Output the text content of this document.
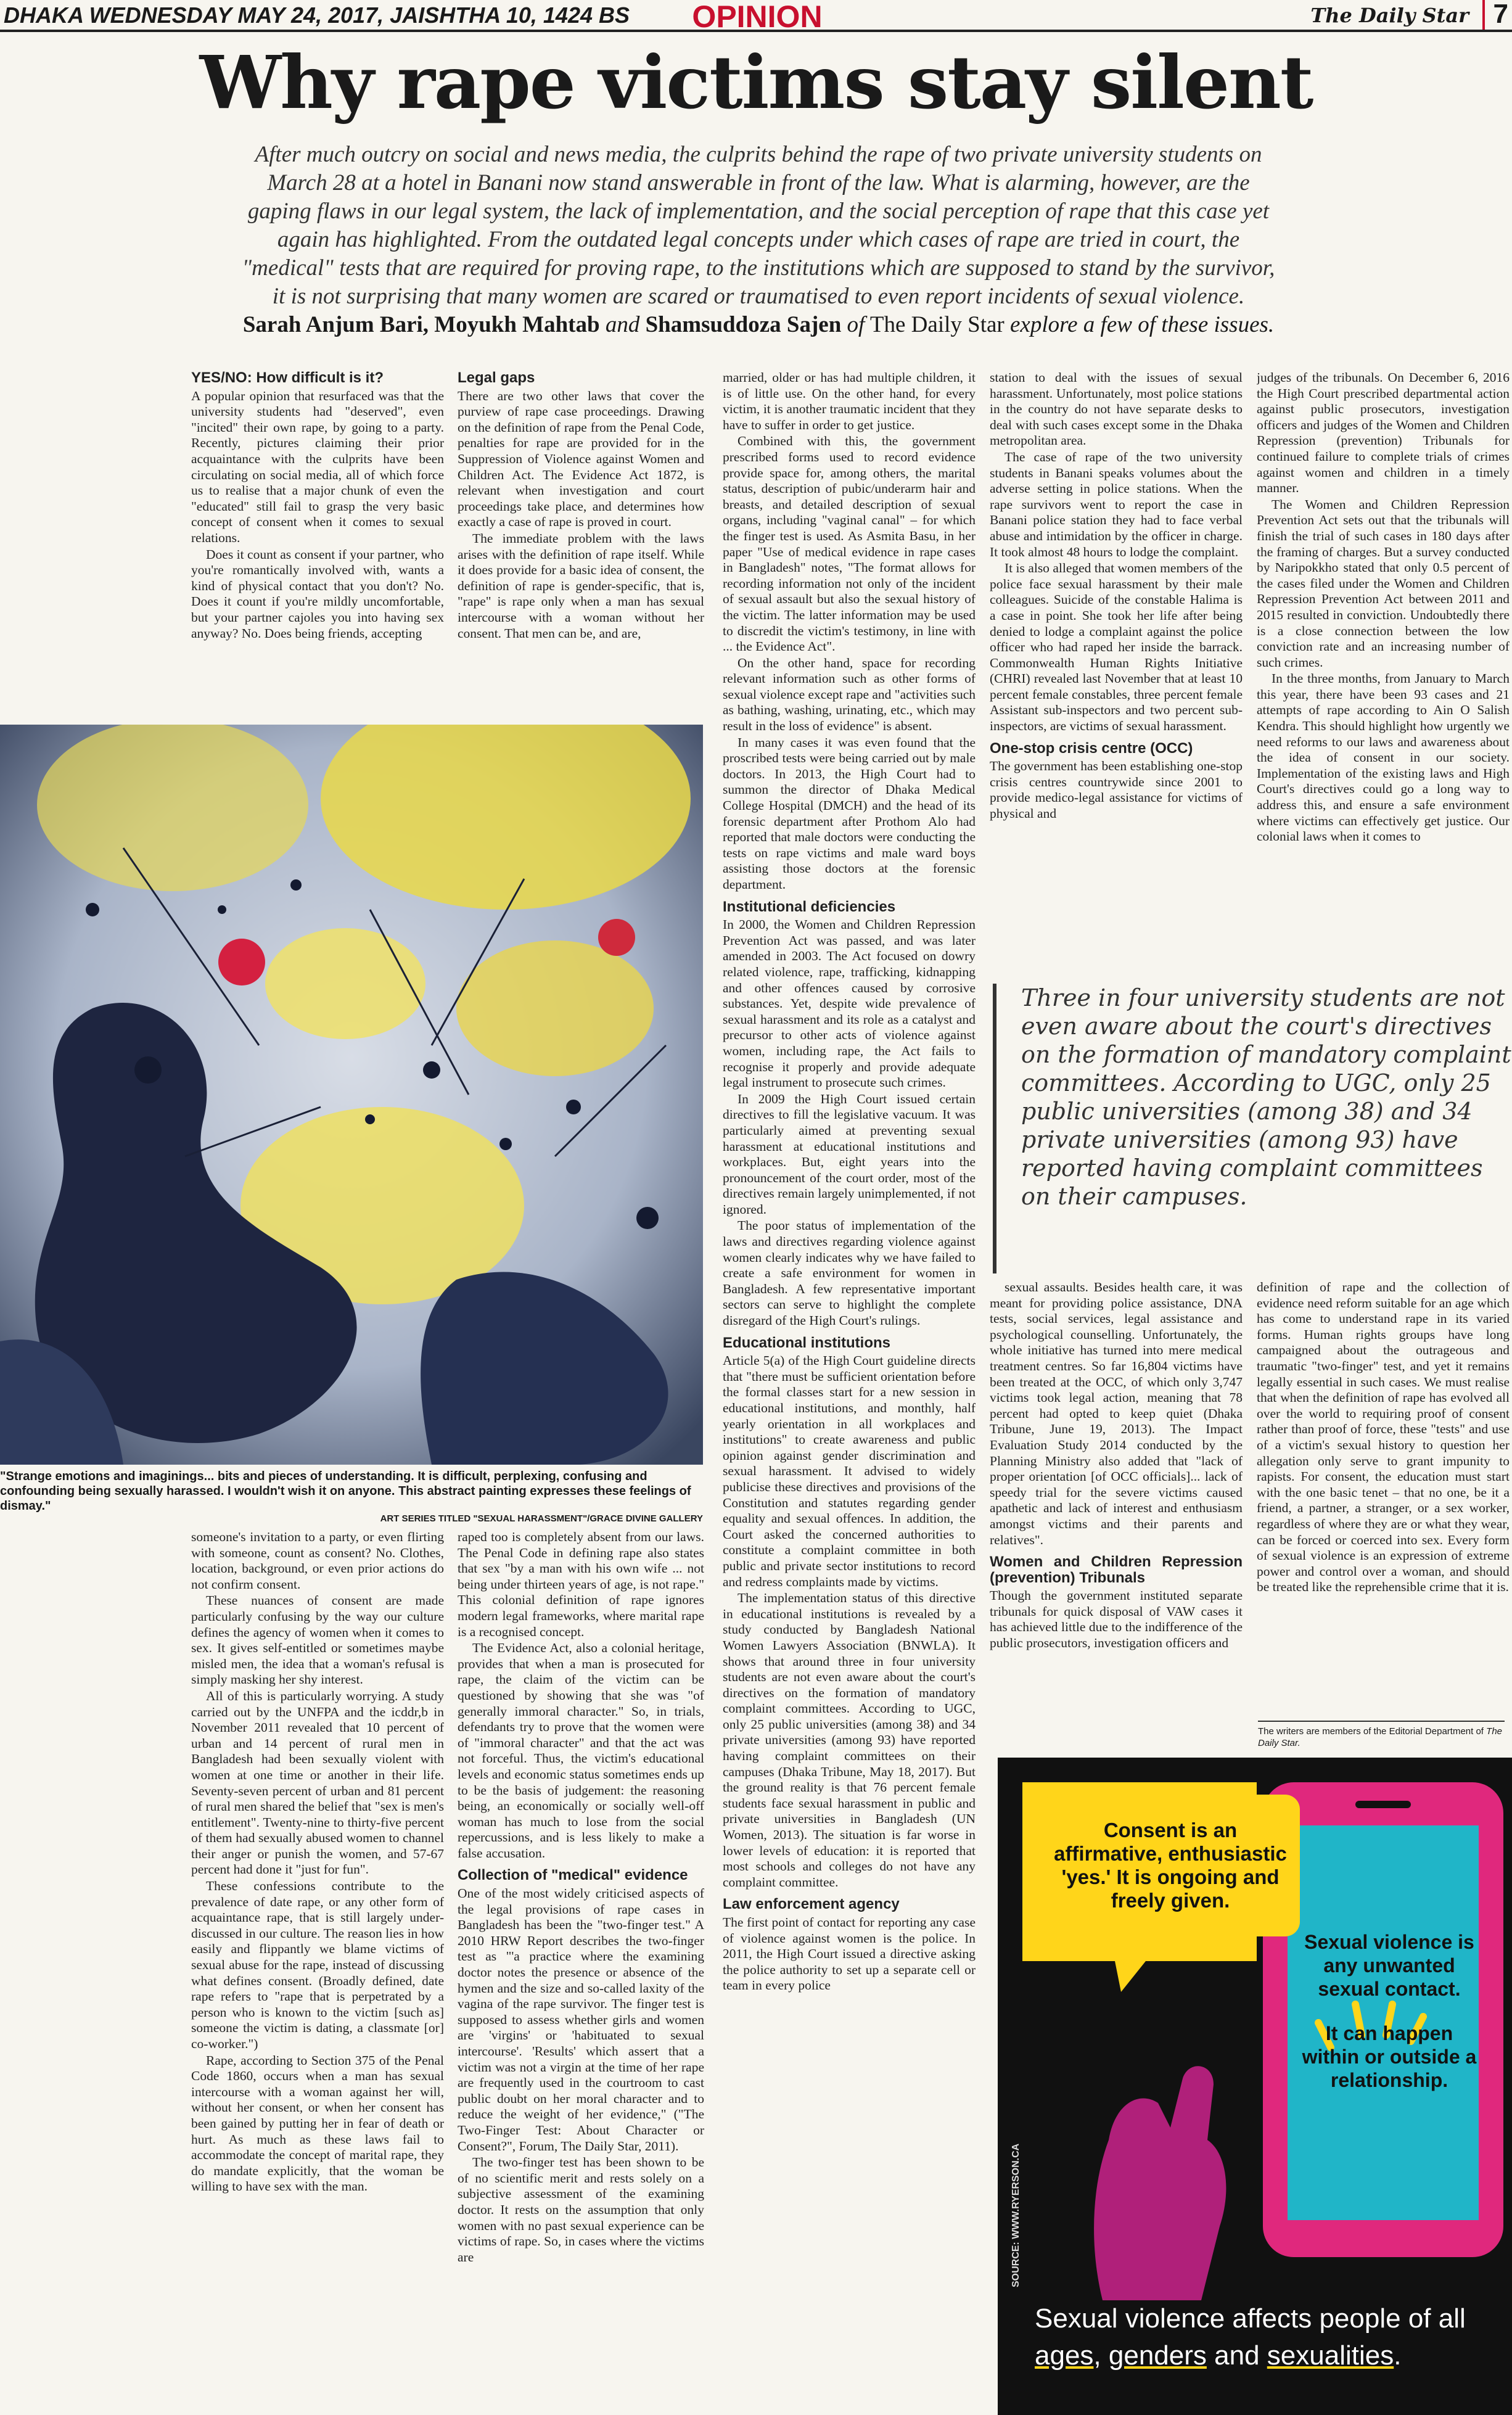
DHAKA WEDNESDAY MAY 24, 2017, JAISHTHA 10, 1424 BS OPINION	The Daily Star 7
Why rape victims stay silent
After much outcry on social and news media, the culprits behind the rape of two private university students on March 28 at a hotel in Banani now stand answerable in front of the law. What is alarming, however, are the gaping flaws in our legal system, the lack of implementation, and the social perception of rape that this case yet again has highlighted. From the outdated legal concepts under which cases of rape are tried in court, the "medical" tests that are required for proving rape, to the institutions which are supposed to stand by the survivor, it is not surprising that many women are scared or traumatised to even report incidents of sexual violence.
Sarah Anjum Bari, Moyukh Mahtab and Shamsuddoza Sajen of The Daily Star explore a few of these issues.
YES/NO: How difficult is it?

A popular opinion that resurfaced was that the university students had "deserved", even "incited" their own rape, by going to a party. Recently, pictures claiming their prior acquaintance with the culprits have been circulating on social media, all of which force us to realise that a major chunk of even the "educated" still fail to grasp the very basic concept of consent when it comes to sexual relations.

Does it count as consent if your partner, who you're romantically involved with, wants a kind of physical contact that you don't? No. Does it count if you're mildly uncomfortable, but your partner cajoles you into having sex anyway? No. Does being friends, accepting

Legal gaps

There are two other laws that cover the purview of rape case proceedings. Drawing on the definition of rape from the Penal Code, penalties for rape are provided for in the Suppression of Violence against Women and Children Act. The Evidence Act 1872, is relevant when investigation and court proceedings take place, and determines how exactly a case of rape is proved in court.

The immediate problem with the laws arises with the definition of rape itself. While it does provide for a basic idea of consent, the definition of rape is gender-specific, that is, "rape" is rape only when a man has sexual intercourse with a woman without her consent. That men can be, and are,

"Strange emotions and imaginings... bits and pieces of understanding. It is difficult, perplexing, confusing and confounding being sexually harassed. I wouldn't wish it on anyone. This abstract painting expresses these feelings of dismay."
ART SERIES TITLED "SEXUAL HARASSMENT"/GRACE DIVINE GALLERY

someone's invitation to a party, or even flirting with someone, count as consent? No. Clothes, location, background, or even prior actions do not confirm consent.

These nuances of consent are made particularly confusing by the way our culture defines the agency of women when it comes to sex. It gives self-entitled or sometimes maybe misled men, the idea that a woman's refusal is simply masking her shy interest.

All of this is particularly worrying. A study carried out by the UNFPA and the icddr,b in November 2011 revealed that 10 percent of urban and 14 percent of rural men in Bangladesh had been sexually violent with women at one time or another in their life. Seventy-seven percent of urban and 81 percent of rural men shared the belief that "sex is men's entitlement". Twenty-nine to thirty-five percent of them had sexually abused women to channel their anger or punish the women, and 57-67 percent had done it "just for fun".

These confessions contribute to the prevalence of date rape, or any other form of acquaintance rape, that is still largely under-discussed in our culture. The reason lies in how easily and flippantly we blame victims of sexual abuse for the rape, instead of discussing what defines consent. (Broadly defined, date rape refers to "rape that is perpetrated by a person who is known to the victim [such as] someone the victim is dating, a classmate [or] co-worker.")

Rape, according to Section 375 of the Penal Code 1860, occurs when a man has sexual intercourse with a woman against her will, without her consent, or when her consent has been gained by putting her in fear of death or hurt. As much as these laws fail to accommodate the concept of marital rape, they do mandate explicitly, that the woman be willing to have sex with the man.

raped too is completely absent from our laws. The Penal Code in defining rape also states that sex "by a man with his own wife ... not being under thirteen years of age, is not rape." This colonial definition of rape ignores modern legal frameworks, where marital rape is a recognised concept.

The Evidence Act, also a colonial heritage, provides that when a man is prosecuted for rape, the claim of the victim can be questioned by showing that she was "of generally immoral character." So, in trials, defendants try to prove that the women were of "immoral character" and that the act was not forceful. Thus, the victim's educational levels and economic status sometimes ends up to be the basis of judgement: the reasoning being, an economically or socially well-off woman has much to lose from the social repercussions, and is less likely to make a false accusation.

Collection of "medical" evidence

One of the most widely criticised aspects of the legal provisions of rape cases in Bangladesh has been the "two-finger test." A 2010 HRW Report describes the two-finger test as "'a practice where the examining doctor notes the presence or absence of the hymen and the size and so-called laxity of the vagina of the rape survivor. The finger test is supposed to assess whether girls and women are 'virgins' or 'habituated to sexual intercourse'. 'Results' which assert that a victim was not a virgin at the time of her rape are frequently used in the courtroom to cast public doubt on her moral character and to reduce the weight of her evidence," ("The Two-Finger Test: About Character or Consent?", Forum, The Daily Star, 2011).

The two-finger test has been shown to be of no scientific merit and rests solely on a subjective assessment of the examining doctor. It rests on the assumption that only women with no past sexual experience can be victims of rape. So, in cases where the victims are

married, older or has had multiple children, it is of little use. On the other hand, for every victim, it is another traumatic incident that they have to suffer in order to get justice.

Combined with this, the government prescribed forms used to record evidence provide space for, among others, the marital status, description of pubic/underarm hair and breasts, and detailed description of sexual organs, including "vaginal canal" – for which the finger test is used. As Asmita Basu, in her paper "Use of medical evidence in rape cases in Bangladesh" notes, "The format allows for recording information not only of the incident of sexual assault but also the sexual history of the victim. The latter information may be used to discredit the victim's testimony, in line with ... the Evidence Act".

On the other hand, space for recording relevant information such as other forms of sexual violence except rape and "activities such as bathing, washing, urinating, etc., which may result in the loss of evidence" is absent.

In many cases it was even found that the proscribed tests were being carried out by male doctors. In 2013, the High Court had to summon the director of Dhaka Medical College Hospital (DMCH) and the head of its forensic department after Prothom Alo had reported that male doctors were conducting the tests on rape victims and male ward boys assisting those doctors at the forensic department.

Institutional deficiencies

In 2000, the Women and Children Repression Prevention Act was passed, and was later amended in 2003. The Act focused on dowry related violence, rape, trafficking, kidnapping and other offences caused by corrosive substances. Yet, despite wide prevalence of sexual harassment and its role as a catalyst and precursor to other acts of violence against women, including rape, the Act fails to recognise it properly and provide adequate legal instrument to prosecute such crimes.

In 2009 the High Court issued certain directives to fill the legislative vacuum. It was particularly aimed at preventing sexual harassment at educational institutions and workplaces. But, eight years into the pronouncement of the court order, most of the directives remain largely unimplemented, if not ignored.

The poor status of implementation of the laws and directives regarding violence against women clearly indicates why we have failed to create a safe environment for women in Bangladesh. A few representative important sectors can serve to highlight the complete disregard of the High Court's rulings.

Educational institutions

Article 5(a) of the High Court guideline directs that "there must be sufficient orientation before the formal classes start for a new session in educational institutions, and monthly, half yearly orientation in all workplaces and institutions" to create awareness and public opinion against gender discrimination and sexual harassment. It advised to widely publicise these directives and provisions of the Constitution and statutes regarding gender equality and sexual offences. In addition, the Court asked the concerned authorities to constitute a complaint committee in both public and private sector institutions to record and redress complaints made by victims.

The implementation status of this directive in educational institutions is revealed by a study conducted by Bangladesh National Women Lawyers Association (BNWLA). It shows that around three in four university students are not even aware about the court's directives on the formation of mandatory complaint committees. According to UGC, only 25 public universities (among 38) and 34 private universities (among 93) have reported having complaint committees on their campuses (Dhaka Tribune, May 18, 2017). But the ground reality is that 76 percent female students face sexual harassment in public and private universities in Bangladesh (UN Women, 2013). The situation is far worse in lower levels of education: it is reported that most schools and colleges do not have any complaint committee.

Law enforcement agency

The first point of contact for reporting any case of violence against women is the police. In 2011, the High Court issued a directive asking the police authority to set up a separate cell or team in every police

station to deal with the issues of sexual harassment. Unfortunately, most police stations in the country do not have separate desks to deal with such cases except some in the Dhaka metropolitan area.

The case of rape of the two university students in Banani speaks volumes about the adverse setting in police stations. When the rape survivors went to report the case in Banani police station they had to face verbal abuse and intimidation by the officer in charge. It took almost 48 hours to lodge the complaint.

It is also alleged that women members of the police face sexual harassment by their male colleagues. Suicide of the constable Halima is a case in point. She took her life after being denied to lodge a complaint against the police officer who had raped her inside the barrack. Commonwealth Human Rights Initiative (CHRI) revealed last November that at least 10 percent female constables, three percent female Assistant sub-inspectors and two percent sub-inspectors, are victims of sexual harassment.

One-stop crisis centre (OCC)

The government has been establishing one-stop crisis centres countrywide since 2001 to provide medico-legal assistance for victims of physical and

judges of the tribunals. On December 6, 2016 the High Court prescribed departmental action against public prosecutors, investigation officers and judges of the Women and Children Repression (prevention) Tribunals for continued failure to complete trials of crimes against women and children in a timely manner.

The Women and Children Repression Prevention Act sets out that the tribunals will finish the trial of such cases in 180 days after the framing of charges. But a survey conducted by Naripokkho stated that only 0.5 percent of the cases filed under the Women and Children Repression Prevention Act between 2011 and 2015 resulted in conviction. Undoubtedly there is a close connection between the low conviction rate and an increasing number of such crimes.

In the three months, from January to March this year, there have been 93 cases and 21 attempts of rape according to Ain O Salish Kendra. This should highlight how urgently we need reforms to our laws and awareness about the idea of consent in our society. Implementation of the existing laws and High Court's directives could go a long way to address this, and ensure a safe environment where victims can effectively get justice. Our colonial laws when it comes to

Three in four university students are not even aware about the court's directives on the formation of mandatory complaint committees. According to UGC, only 25 public universities (among 38) and 34 private universities (among 93) have reported having complaint committees on their campuses.

sexual assaults. Besides health care, it was meant for providing police assistance, DNA tests, social services, legal assistance and psychological counselling. Unfortunately, the whole initiative has turned into mere medical treatment centres. So far 16,804 victims have been treated at the OCC, of which only 3,747 victims took legal action, meaning that 78 percent had opted to keep quiet (Dhaka Tribune, June 19, 2013). The Impact Evaluation Study 2014 conducted by the Planning Ministry also added that "lack of proper orientation [of OCC officials]... lack of speedy trial for the severe victims caused apathetic and lack of interest and enthusiasm amongst victims and their parents and relatives".

Women and Children Repression (prevention) Tribunals

Though the government instituted separate tribunals for quick disposal of VAW cases it has achieved little due to the indifference of the public prosecutors, investigation officers and

definition of rape and the collection of evidence need reform suitable for an age which has come to understand rape in its varied forms. Human rights groups have long campaigned about the outrageous and traumatic "two-finger" test, and yet it remains legally essential in such cases. We must realise that when the definition of rape has evolved all over the world to requiring proof of consent rather than proof of force, these "tests" and use of a victim's sexual history to question her allegation only serve to grant impunity to rapists. For consent, the education must start with the one basic tenet – that no one, be it a friend, a partner, a stranger, or a sex worker, regardless of where they are or what they wear, can be forced or coerced into sex. Every form of sexual violence is an expression of extreme power and control over a woman, and should be treated like the reprehensible crime that it is.

The writers are members of the Editorial Department of The Daily Star.
Consent is an affirmative, enthusiastic 'yes.' It is ongoing and freely given.

Sexual violence is any unwanted sexual contact.

It can happen within or outside a relationship.

Sexual violence affects people of all ages, genders and sexualities.
SOURCE: WWW.RYERSON.CA
